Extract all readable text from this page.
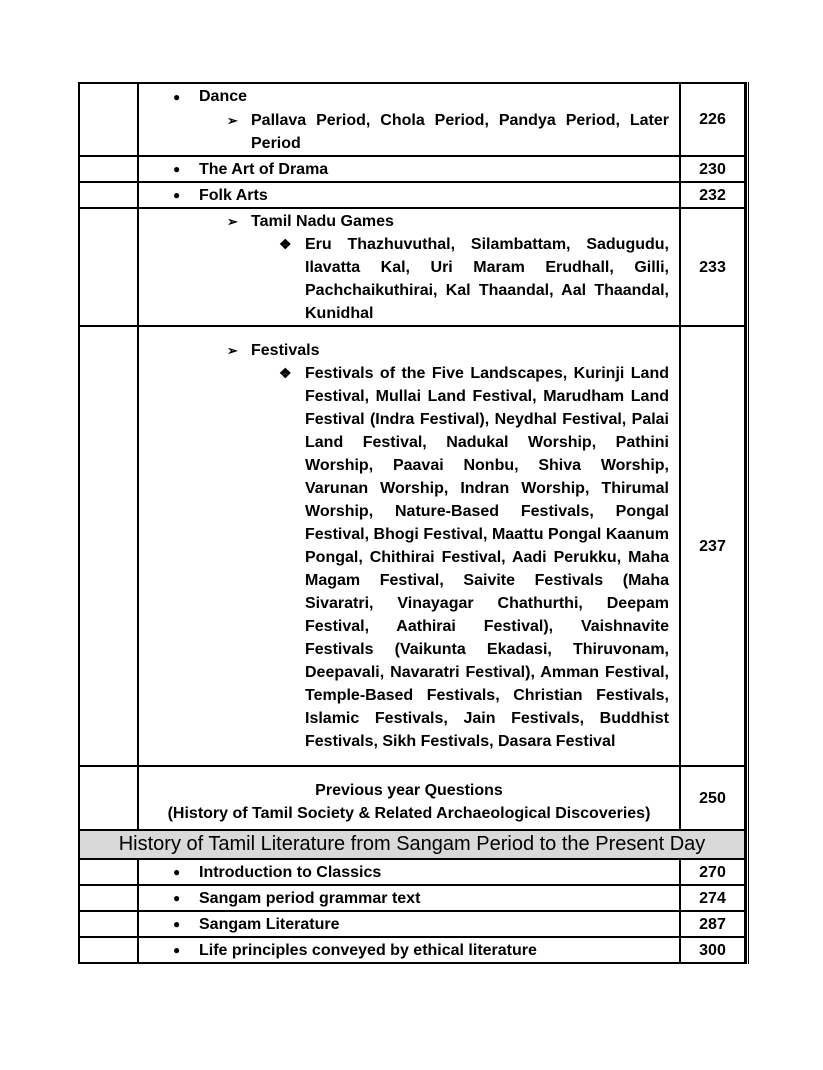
	● Dance
➢ Pallava Period, Chola Period, Pandya Period, Later Period	226

	● The Art of Drama	230

	● Folk Arts	232

	➢ Tamil Nadu Games
❖ Eru Thazhuvuthal, Silambattam, Sadugudu, Ilavatta Kal, Uri Maram Erudhall, Gilli, Pachchaikuthirai, Kal Thaandal, Aal Thaandal, Kunidhal	233

	➢ Festivals
❖ Festivals of the Five Landscapes, Kurinji Land Festival, Mullai Land Festival, Marudham Land Festival (Indra Festival), Neydhal Festival, Palai Land Festival, Nadukal Worship, Pathini Worship, Paavai Nonbu, Shiva Worship, Varunan Worship, Indran Worship, Thirumal Worship, Nature-Based Festivals, Pongal Festival, Bhogi Festival, Maattu Pongal Kaanum Pongal, Chithirai Festival, Aadi Perukku, Maha Magam Festival, Saivite Festivals (Maha Sivaratri, Vinayagar Chathurthi, Deepam Festival, Aathirai Festival), Vaishnavite Festivals (Vaikunta Ekadasi, Thiruvonam, Deepavali, Navaratri Festival), Amman Festival, Temple-Based Festivals, Christian Festivals, Islamic Festivals, Jain Festivals, Buddhist Festivals, Sikh Festivals, Dasara Festival	237

	Previous year Questions
(History of Tamil Society & Related Archaeological Discoveries)	250
History of Tamil Literature from Sangam Period to the Present Day		

	● Introduction to Classics	270

	● Sangam period grammar text	274

	● Sangam Literature	287

	● Life principles conveyed by ethical literature	300
